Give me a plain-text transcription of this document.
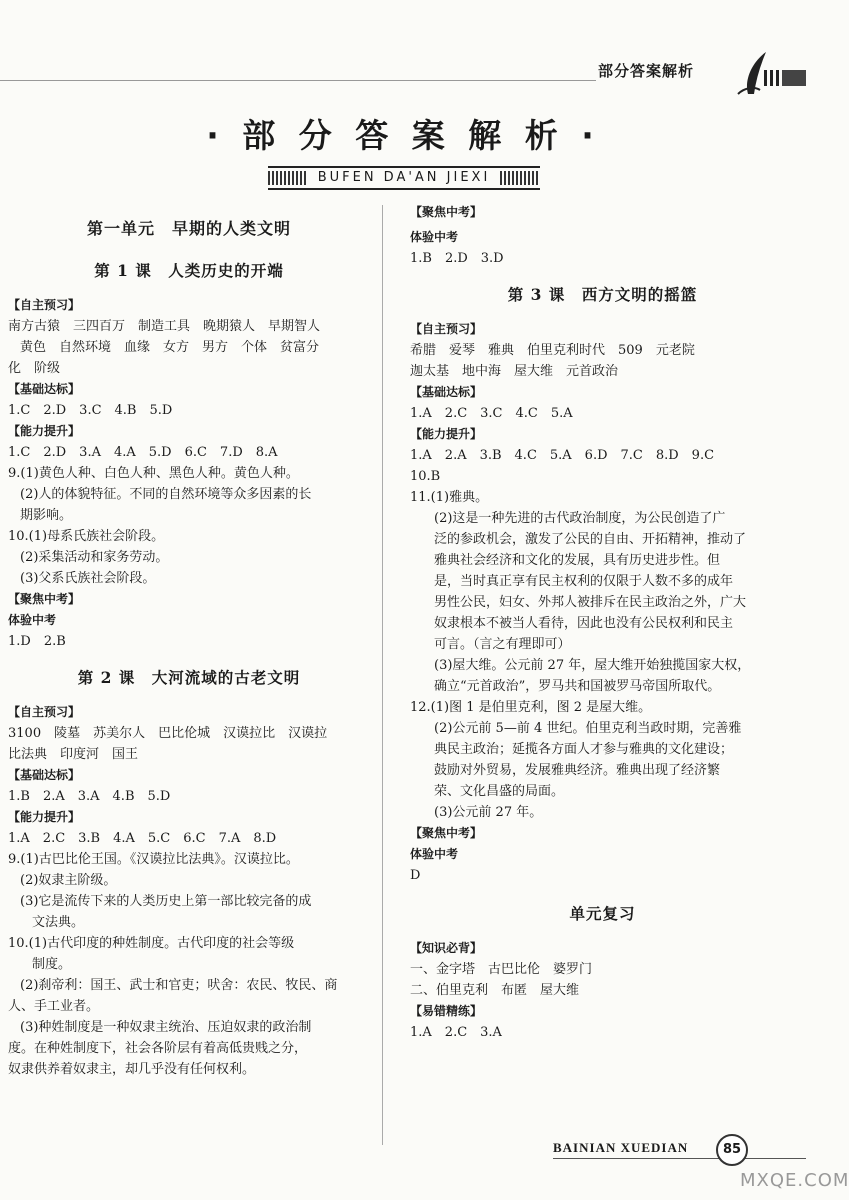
部分答案解析
· 部 分 答 案 解 析 ·
BUFEN DA'AN JIEXI
第一单元　早期的人类文明
第 1 课　人类历史的开端
【自主预习】
南方古猿　三四百万　制造工具　晚期猿人　早期智人
黄色　自然环境　血缘　女方　男方　个体　贫富分
化　阶级
【基础达标】
1.C　2.D　3.C　4.B　5.D
【能力提升】
1.C　2.D　3.A　4.A　5.D　6.C　7.D　8.A
9.(1)黄色人种、白色人种、黑色人种。黄色人种。
(2)人的体貌特征。不同的自然环境等众多因素的长
期影响。
10.(1)母系氏族社会阶段。
(2)采集活动和家务劳动。
(3)父系氏族社会阶段。
【聚焦中考】
体验中考
1.D　2.B
第 2 课　大河流域的古老文明
【自主预习】
3100　陵墓　苏美尔人　巴比伦城　汉谟拉比　汉谟拉
比法典　印度河　国王
【基础达标】
1.B　2.A　3.A　4.B　5.D
【能力提升】
1.A　2.C　3.B　4.A　5.C　6.C　7.A　8.D
9.(1)古巴比伦王国。《汉谟拉比法典》。汉谟拉比。
(2)奴隶主阶级。
(3)它是流传下来的人类历史上第一部比较完备的成
文法典。
10.(1)古代印度的种姓制度。古代印度的社会等级
制度。
(2)刹帝利：国王、武士和官吏；吠舍：农民、牧民、商
人、手工业者。
(3)种姓制度是一种奴隶主统治、压迫奴隶的政治制
度。在种姓制度下，社会各阶层有着高低贵贱之分，
奴隶供养着奴隶主，却几乎没有任何权利。
【聚焦中考】
体验中考
1.B　2.D　3.D
第 3 课　西方文明的摇篮
【自主预习】
希腊　爱琴　雅典　伯里克利时代　509　元老院
迦太基　地中海　屋大维　元首政治
【基础达标】
1.A　2.C　3.C　4.C　5.A
【能力提升】
1.A　2.A　3.B　4.C　5.A　6.D　7.C　8.D　9.C
10.B
11.(1)雅典。
(2)这是一种先进的古代政治制度，为公民创造了广
泛的参政机会，激发了公民的自由、开拓精神，推动了
雅典社会经济和文化的发展，具有历史进步性。但
是，当时真正享有民主权利的仅限于人数不多的成年
男性公民，妇女、外邦人被排斥在民主政治之外，广大
奴隶根本不被当人看待，因此也没有公民权利和民主
可言。（言之有理即可）
(3)屋大维。公元前 27 年，屋大维开始独揽国家大权，
确立“元首政治”，罗马共和国被罗马帝国所取代。
12.(1)图 1 是伯里克利，图 2 是屋大维。
(2)公元前 5—前 4 世纪。伯里克利当政时期，完善雅
典民主政治；延揽各方面人才参与雅典的文化建设；
鼓励对外贸易，发展雅典经济。雅典出现了经济繁
荣、文化昌盛的局面。
(3)公元前 27 年。
【聚焦中考】
体验中考
D
单元复习
【知识必背】
一、金字塔　古巴比伦　婆罗门
二、伯里克利　布匿　屋大维
【易错精练】
1.A　2.C　3.A
BAINIAN XUEDIAN	85
MXQE.COM
